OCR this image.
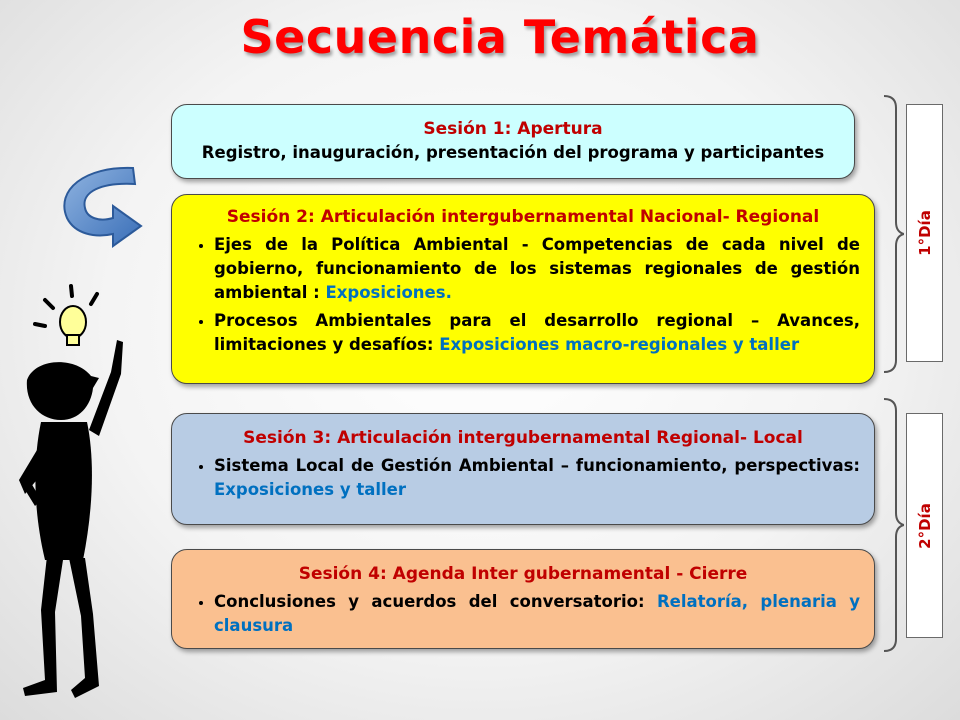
Secuencia Temática
Sesión 1: Apertura
Registro, inauguración, presentación del programa y participantes
Sesión 2: Articulación intergubernamental Nacional- Regional
• Ejes de la Política Ambiental - Competencias de cada nivel de gobierno, funcionamiento de los sistemas regionales de gestión ambiental : Exposiciones.
• Procesos Ambientales para el desarrollo regional – Avances, limitaciones y desafíos: Exposiciones macro-regionales y taller
Sesión 3: Articulación intergubernamental Regional- Local
• Sistema Local de Gestión Ambiental – funcionamiento, perspectivas: Exposiciones y taller
Sesión 4: Agenda Inter gubernamental - Cierre
• Conclusiones y acuerdos del conversatorio: Relatoría, plenaria y clausura
1°Día
2°Día
